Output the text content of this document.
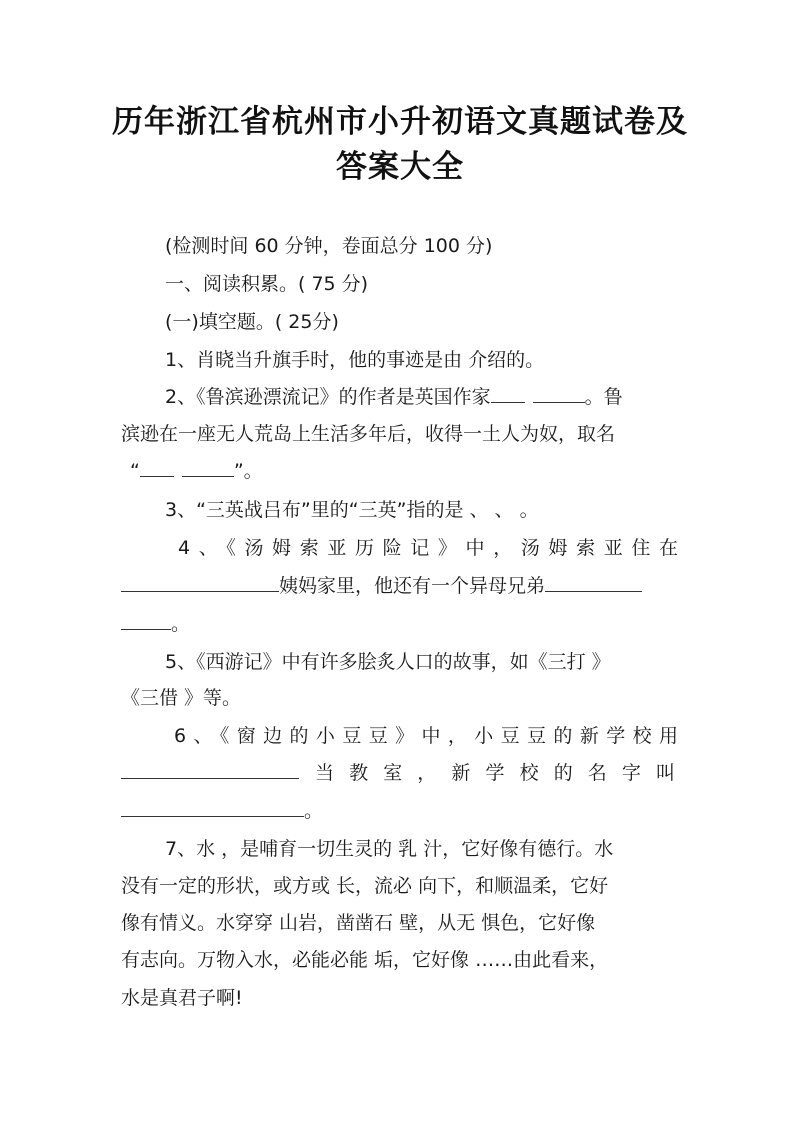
历年浙江省杭州市小升初语文真题试卷及
答案大全
(检测时间 60 分钟，卷面总分 100 分)
一、阅读积累。( 75 分)
(一)填空题。( 25分)
1、肖晓当升旗手时，他的事迹是由 介绍的。
2、《鲁滨逊漂流记》的作者是英国作家	。鲁
滨逊在一座无人荒岛上生活多年后，收得一土人为奴，取名
“	”。
3、“三英战吕布”里的“三英”指的是 、 、 。
4、《汤姆索亚历险记》中，汤姆索亚住在
姨妈家里，他还有一个异母兄弟
。
5、《西游记》中有许多脍炙人口的故事，如《三打 》
《三借 》等。
6、《窗边的小豆豆》中，小豆豆的新学校用
当 教 室 ， 新 学 校 的 名 字 叫
。
7、水 ，是哺育一切生灵的 乳 汁，它好像有德行。水
没有一定的形状，或方或 长，流必 向下，和顺温柔，它好
像有情义。水穿穿 山岩，凿凿石 壁，从无 惧色，它好像
有志向。万物入水，必能必能 垢，它好像 ……由此看来，
水是真君子啊!
